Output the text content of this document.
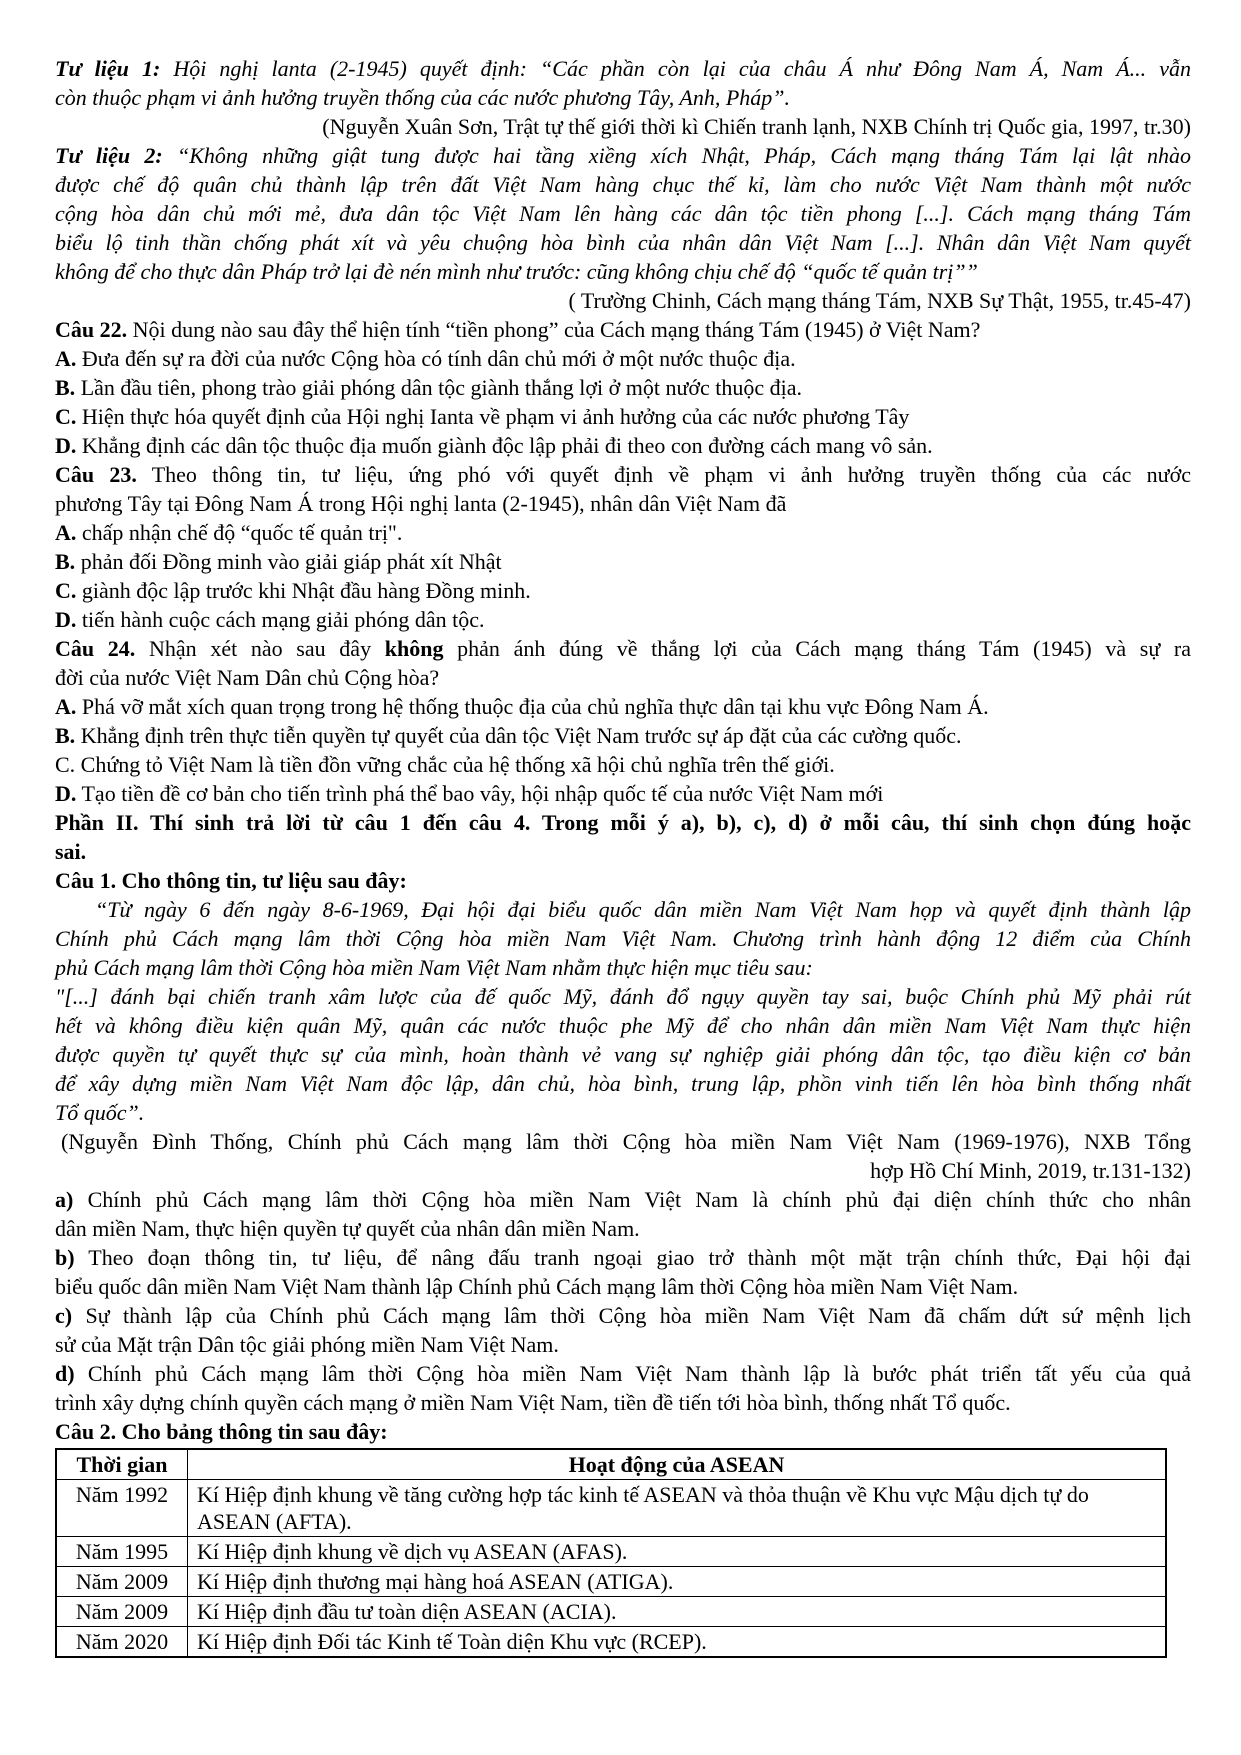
Tư liệu 1: Hội nghị lanta (2-1945) quyết định: “Các phần còn lại của châu Á như Đông Nam Á, Nam Á... vẫn
còn thuộc phạm vi ảnh hưởng truyền thống của các nước phương Tây, Anh, Pháp”.
(Nguyễn Xuân Sơn, Trật tự thế giới thời kì Chiến tranh lạnh, NXB Chính trị Quốc gia, 1997, tr.30)
Tư liệu 2: “Không những giật tung được hai tầng xiềng xích Nhật, Pháp, Cách mạng tháng Tám lại lật nhào
được chế độ quân chủ thành lập trên đất Việt Nam hàng chục thế kỉ, làm cho nước Việt Nam thành một nước
cộng hòa dân chủ mới mẻ, đưa dân tộc Việt Nam lên hàng các dân tộc tiền phong [...]. Cách mạng tháng Tám
biểu lộ tinh thần chống phát xít và yêu chuộng hòa bình của nhân dân Việt Nam [...]. Nhân dân Việt Nam quyết
không để cho thực dân Pháp trở lại đè nén mình như trước: cũng không chịu chế độ “quốc tế quản trị””
( Trường Chinh, Cách mạng tháng Tám, NXB Sự Thật, 1955, tr.45-47)
Câu 22. Nội dung nào sau đây thể hiện tính “tiền phong” của Cách mạng tháng Tám (1945) ở Việt Nam?
A. Đưa đến sự ra đời của nước Cộng hòa có tính dân chủ mới ở một nước thuộc địa.
B. Lần đầu tiên, phong trào giải phóng dân tộc giành thắng lợi ở một nước thuộc địa.
C. Hiện thực hóa quyết định của Hội nghị Ianta về phạm vi ảnh hưởng của các nước phương Tây
D. Khẳng định các dân tộc thuộc địa muốn giành độc lập phải đi theo con đường cách mang vô sản.
Câu 23. Theo thông tin, tư liệu, ứng phó với quyết định về phạm vi ảnh hưởng truyền thống của các nước
phương Tây tại Đông Nam Á trong Hội nghị lanta (2-1945), nhân dân Việt Nam đã
A. chấp nhận chế độ “quốc tế quản trị".
B. phản đối Đồng minh vào giải giáp phát xít Nhật
C. giành độc lập trước khi Nhật đầu hàng Đồng minh.
D. tiến hành cuộc cách mạng giải phóng dân tộc.
Câu 24. Nhận xét nào sau đây không phản ánh đúng về thắng lợi của Cách mạng tháng Tám (1945) và sự ra
đời của nước Việt Nam Dân chủ Cộng hòa?
A. Phá vỡ mắt xích quan trọng trong hệ thống thuộc địa của chủ nghĩa thực dân tại khu vực Đông Nam Á.
B. Khẳng định trên thực tiễn quyền tự quyết của dân tộc Việt Nam trước sự áp đặt của các cường quốc.
C. Chứng tỏ Việt Nam là tiền đồn vững chắc của hệ thống xã hội chủ nghĩa trên thế giới.
D. Tạo tiền đề cơ bản cho tiến trình phá thể bao vây, hội nhập quốc tế của nước Việt Nam mới
Phần II. Thí sinh trả lời từ câu 1 đến câu 4. Trong mỗi ý a), b), c), d) ở mỗi câu, thí sinh chọn đúng hoặc
sai.
Câu 1. Cho thông tin, tư liệu sau đây:
“Từ ngày 6 đến ngày 8-6-1969, Đại hội đại biểu quốc dân miền Nam Việt Nam họp và quyết định thành lập
Chính phủ Cách mạng lâm thời Cộng hòa miền Nam Việt Nam. Chương trình hành động 12 điểm của Chính
phủ Cách mạng lâm thời Cộng hòa miền Nam Việt Nam nhằm thực hiện mục tiêu sau:
"[...] đánh bại chiến tranh xâm lược của đế quốc Mỹ, đánh đổ ngụy quyền tay sai, buộc Chính phủ Mỹ phải rút
hết và không điều kiện quân Mỹ, quân các nước thuộc phe Mỹ để cho nhân dân miền Nam Việt Nam thực hiện
được quyền tự quyết thực sự của mình, hoàn thành vẻ vang sự nghiệp giải phóng dân tộc, tạo điều kiện cơ bản
để xây dựng miền Nam Việt Nam độc lập, dân chủ, hòa bình, trung lập, phồn vinh tiến lên hòa bình thống nhất
Tổ quốc”.
(Nguyễn Đình Thống, Chính phủ Cách mạng lâm thời Cộng hòa miền Nam Việt Nam (1969-1976), NXB Tổng
hợp Hồ Chí Minh, 2019, tr.131-132)
a) Chính phủ Cách mạng lâm thời Cộng hòa miền Nam Việt Nam là chính phủ đại diện chính thức cho nhân
dân miền Nam, thực hiện quyền tự quyết của nhân dân miền Nam.
b) Theo đoạn thông tin, tư liệu, để nâng đấu tranh ngoại giao trở thành một mặt trận chính thức, Đại hội đại
biểu quốc dân miền Nam Việt Nam thành lập Chính phủ Cách mạng lâm thời Cộng hòa miền Nam Việt Nam.
c) Sự thành lập của Chính phủ Cách mạng lâm thời Cộng hòa miền Nam Việt Nam đã chấm dứt sứ mệnh lịch
sử của Mặt trận Dân tộc giải phóng miền Nam Việt Nam.
d) Chính phủ Cách mạng lâm thời Cộng hòa miền Nam Việt Nam thành lập là bước phát triển tất yếu của quả
trình xây dựng chính quyền cách mạng ở miền Nam Việt Nam, tiền đề tiến tới hòa bình, thống nhất Tổ quốc.
Câu 2. Cho bảng thông tin sau đây:
Thời gian	Hoạt động của ASEAN
Năm 1992	Kí Hiệp định khung về tăng cường hợp tác kinh tế ASEAN và thỏa thuận về Khu vực Mậu dịch tự do ASEAN (AFTA).
Năm 1995	Kí Hiệp định khung về dịch vụ ASEAN (AFAS).
Năm 2009	Kí Hiệp định thương mại hàng hoá ASEAN (ATIGA).
Năm 2009	Kí Hiệp định đầu tư toàn diện ASEAN (ACIA).
Năm 2020	Kí Hiệp định Đối tác Kinh tế Toàn diện Khu vực (RCEP).
